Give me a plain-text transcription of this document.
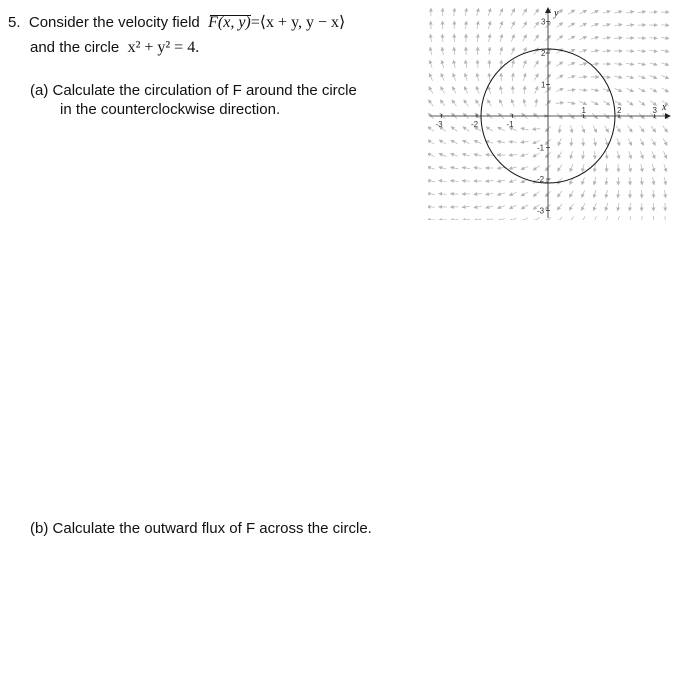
5. Consider the velocity field F(x, y)=⟨x + y, y − x⟩
and the circle x² + y² = 4.
(a) Calculate the circulation of F around the circle
in the counterclockwise direction.
(b) Calculate the outward flux of F across the circle.
-3	-2	-1
1	2	3
3
2
1
-1
-2
-3
x
y
